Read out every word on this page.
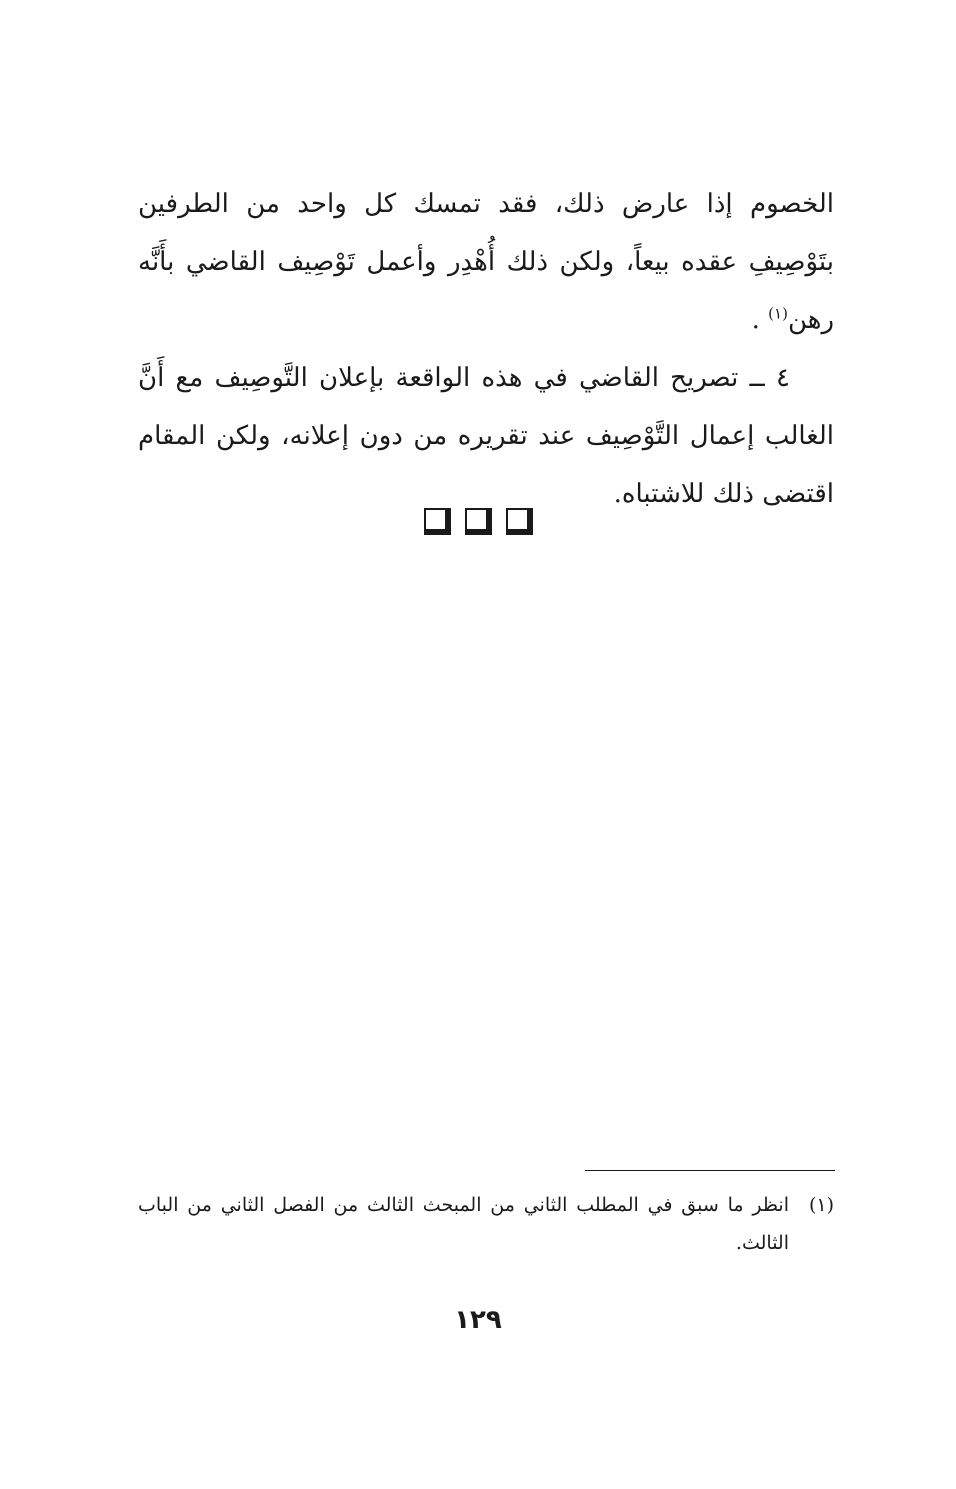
الخصوم إذا عارض ذلك، فقد تمسك كل واحد من الطرفين بتَوْصِيفِ عقده بيعاً، ولكن ذلك أُهْدِر وأعمل تَوْصِيف القاضي بأَنَّه رهن$^{(١)}$ .

٤ ــ تصريح القاضي في هذه الواقعة بإعلان التَّوصِيف مع أَنَّ الغالب إعمال التَّوْصِيف عند تقريره من دون إعلانه، ولكن المقام اقتضى ذلك للاشتباه.

(١)انظر ما سبق في المطلب الثاني من المبحث الثالث من الفصل الثاني من الباب الثالث.
١٢٩
